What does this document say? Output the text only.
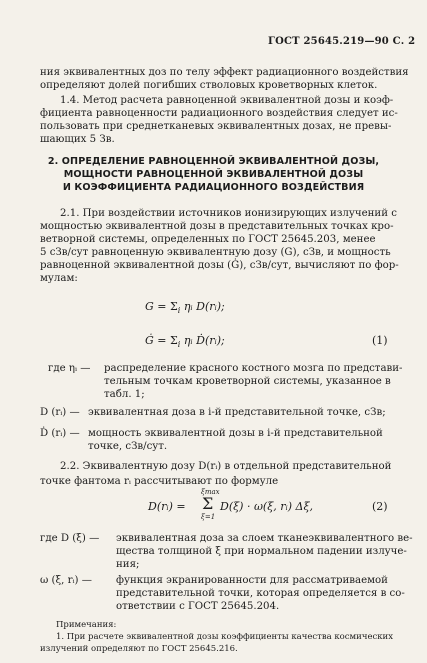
ГОСТ 25645.219—90 С. 2
ния эквивалентных доз по телу эффект радиационного воздействия
определяют долей погибших стволовых кроветворных клеток.
1.4. Метод расчета равноценной эквивалентной дозы и коэф-
фициента равноценности радиационного воздействия следует ис-
пользовать при среднетканевых эквивалентных дозах, не превы-
шающих 5 Зв.
2. ОПРЕДЕЛЕНИЕ РАВНОЦЕННОЙ ЭКВИВАЛЕНТНОЙ ДОЗЫ,
МОЩНОСТИ РАВНОЦЕННОЙ ЭКВИВАЛЕНТНОЙ ДОЗЫ
И КОЭФФИЦИЕНТА РАДИАЦИОННОГО ВОЗДЕЙСТВИЯ
2.1. При воздействии источников ионизирующих излучений с
мощностью эквивалентной дозы в представительных точках кро-
ветворной системы, определенных по ГОСТ 25645.203, менее
5 сЗв/сут равноценную эквивалентную дозу (G), сЗв, и мощность
равноценной эквивалентной дозы (Ġ), сЗв/сут, вычисляют по фор-
мулам:
$G = \Sigma_i$ ηᵢ D(rᵢ);
Ġ = $\Sigma_i$ ηᵢ Ḋ(rᵢ);	(1)
где ηᵢ — распределение красного костного мозга по представи-
тельным точкам кроветворной системы, указанное в
табл. 1;
D (rᵢ) — эквивалентная доза в i-й представительной точке, сЗв;
Ḋ (rᵢ) — мощность эквивалентной дозы в i-й представительной
точке, сЗв/сут.
2.2. Эквивалентную дозу D(rᵢ) в отдельной представительной
точке фантома rᵢ рассчитывают по формуле
D(rᵢ) =
ξmax
Σ
ξ=1
D(ξ) · ω(ξ, rᵢ) Δξ,	(2)
где D (ξ) — эквивалентная доза за слоем тканеэквивалентного ве-
щества толщиной ξ при нормальном падении излуче-
ния;
ω (ξ, rᵢ) — функция экранированности для рассматриваемой
представительной точки, которая определяется в со-
ответствии с ГОСТ 25645.204.
Примечания:
1. При расчете эквивалентной дозы коэффициенты качества космических
излучений определяют по ГОСТ 25645.216.
